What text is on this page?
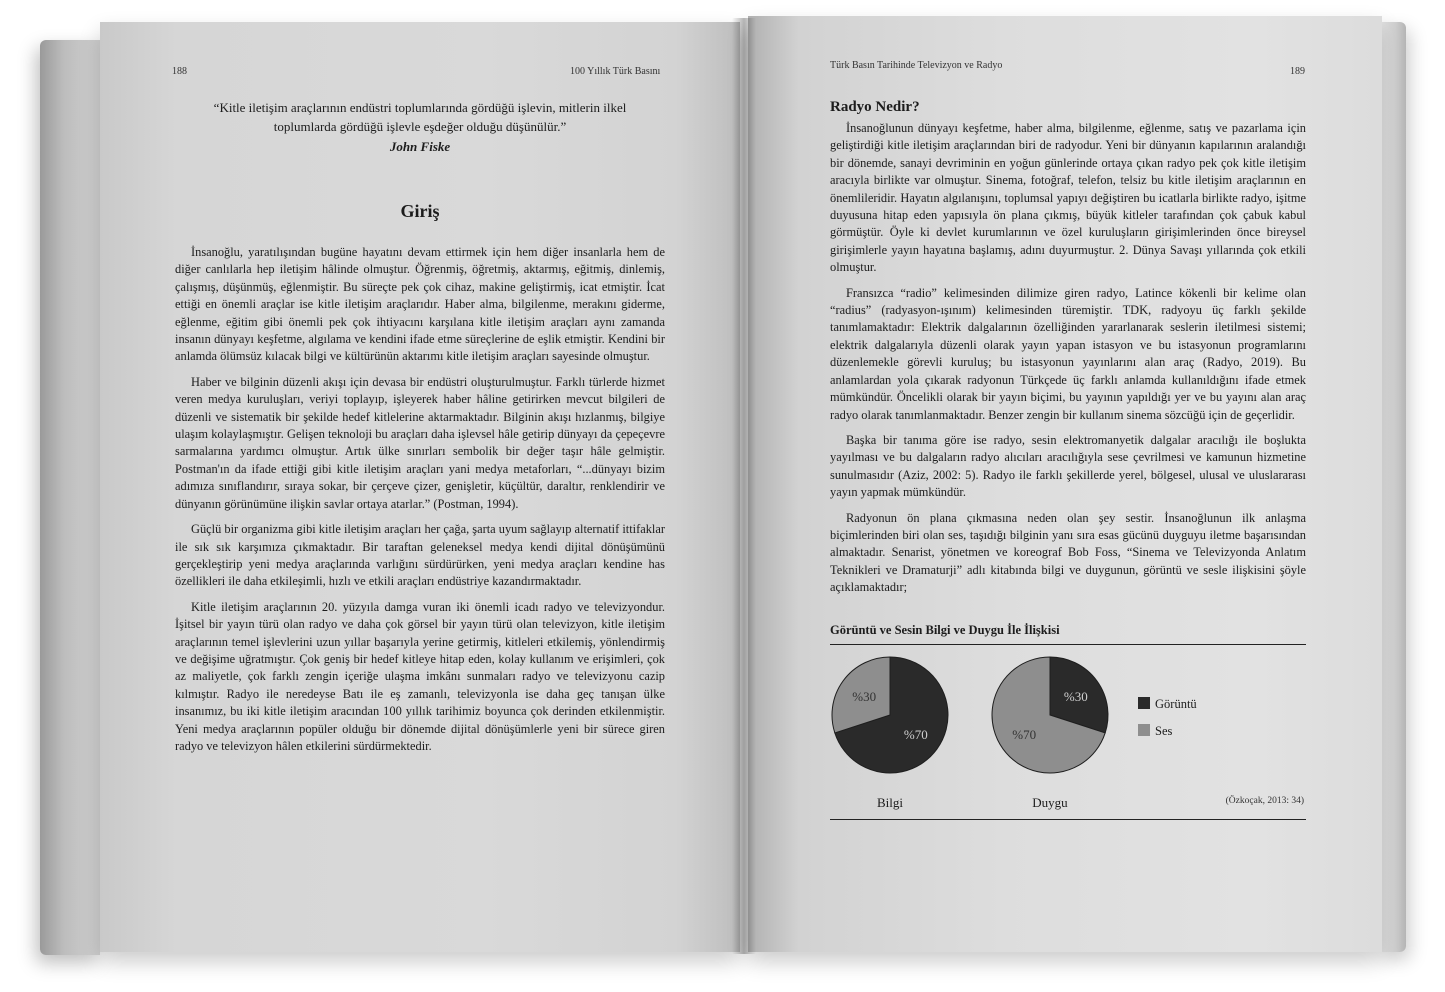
188	100 Yıllık Türk Basını

“Kitle iletişim araçlarının endüstri toplumlarında gördüğü işlevin, mitlerin ilkel toplumlarda gördüğü işlevle eşdeğer olduğu düşünülür.”

John Fiske
Giriş

İnsanoğlu, yaratılışından bugüne hayatını devam ettirmek için hem diğer insanlarla hem de diğer canlılarla hep iletişim hâlinde olmuştur. Öğrenmiş, öğretmiş, aktarmış, eğitmiş, dinlemiş, çalışmış, düşünmüş, eğlenmiştir. Bu süreçte pek çok cihaz, makine geliştirmiş, icat etmiştir. İcat ettiği en önemli araçlar ise kitle iletişim araçlarıdır. Haber alma, bilgilenme, merakını giderme, eğlenme, eğitim gibi önemli pek çok ihtiyacını karşılana kitle iletişim araçları aynı zamanda insanın dünyayı keşfetme, algılama ve kendini ifade etme süreçlerine de eşlik etmiştir. Kendini bir anlamda ölümsüz kılacak bilgi ve kültürünün aktarımı kitle iletişim araçları sayesinde olmuştur.

Haber ve bilginin düzenli akışı için devasa bir endüstri oluşturulmuştur. Farklı türlerde hizmet veren medya kuruluşları, veriyi toplayıp, işleyerek haber hâline getirirken mevcut bilgileri de düzenli ve sistematik bir şekilde hedef kitlelerine aktarmaktadır. Bilginin akışı hızlanmış, bilgiye ulaşım kolaylaşmıştır. Gelişen teknoloji bu araçları daha işlevsel hâle getirip dünyayı da çepeçevre sarmalarına yardımcı olmuştur. Artık ülke sınırları sembolik bir değer taşır hâle gelmiştir. Postman'ın da ifade ettiği gibi kitle iletişim araçları yani medya metaforları, “...dünyayı bizim adımıza sınıflandırır, sıraya sokar, bir çerçeve çizer, genişletir, küçültür, daraltır, renklendirir ve dünyanın görünümüne ilişkin savlar ortaya atarlar.” (Postman, 1994).

Güçlü bir organizma gibi kitle iletişim araçları her çağa, şarta uyum sağlayıp alternatif ittifaklar ile sık sık karşımıza çıkmaktadır. Bir taraftan geleneksel medya kendi dijital dönüşümünü gerçekleştirip yeni medya araçlarında varlığını sürdürürken, yeni medya araçları kendine has özellikleri ile daha etkileşimli, hızlı ve etkili araçları endüstriye kazandırmaktadır.

Kitle iletişim araçlarının 20. yüzyıla damga vuran iki önemli icadı radyo ve televizyondur. İşitsel bir yayın türü olan radyo ve daha çok görsel bir yayın türü olan televizyon, kitle iletişim araçlarının temel işlevlerini uzun yıllar başarıyla yerine getirmiş, kitleleri etkilemiş, yönlendirmiş ve değişime uğratmıştır. Çok geniş bir hedef kitleye hitap eden, kolay kullanım ve erişimleri, çok az maliyetle, çok farklı zengin içeriğe ulaşma imkânı sunmaları radyo ve televizyonu cazip kılmıştır. Radyo ile neredeyse Batı ile eş zamanlı, televizyonla ise daha geç tanışan ülke insanımız, bu iki kitle iletişim aracından 100 yıllık tarihimiz boyunca çok derinden etkilenmiştir. Yeni medya araçlarının popüler olduğu bir dönemde dijital dönüşümlerle yeni bir sürece giren radyo ve televizyon hâlen etkilerini sürdürmektedir.

Türk Basın Tarihinde Televizyon ve Radyo
189
Radyo Nedir?

İnsanoğlunun dünyayı keşfetme, haber alma, bilgilenme, eğlenme, satış ve pazarlama için geliştirdiği kitle iletişim araçlarından biri de radyodur. Yeni bir dünyanın kapılarının aralandığı bir dönemde, sanayi devriminin en yoğun günlerinde ortaya çıkan radyo pek çok kitle iletişim aracıyla birlikte var olmuştur. Sinema, fotoğraf, telefon, telsiz bu kitle iletişim araçlarının en önemlileridir. Hayatın algılanışını, toplumsal yapıyı değiştiren bu icatlarla birlikte radyo, işitme duyusuna hitap eden yapısıyla ön plana çıkmış, büyük kitleler tarafından çok çabuk kabul görmüştür. Öyle ki devlet kurumlarının ve özel kuruluşların girişimlerinden önce bireysel girişimlerle yayın hayatına başlamış, adını duyurmuştur. 2. Dünya Savaşı yıllarında çok etkili olmuştur.

Fransızca “radio” kelimesinden dilimize giren radyo, Latince kökenli bir kelime olan “radius” (radyasyon-ışınım) kelimesinden türemiştir. TDK, radyoyu üç farklı şekilde tanımlamaktadır: Elektrik dalgalarının özelliğinden yararlanarak seslerin iletilmesi sistemi; elektrik dalgalarıyla düzenli olarak yayın yapan istasyon ve bu istasyonun programlarını düzenlemekle görevli kuruluş; bu istasyonun yayınlarını alan araç (Radyo, 2019). Bu anlamlardan yola çıkarak radyonun Türkçede üç farklı anlamda kullanıldığını ifade etmek mümkündür. Öncelikli olarak bir yayın biçimi, bu yayının yapıldığı yer ve bu yayını alan araç radyo olarak tanımlanmaktadır. Benzer zengin bir kullanım sinema sözcüğü için de geçerlidir.

Başka bir tanıma göre ise radyo, sesin elektromanyetik dalgalar aracılığı ile boşlukta yayılması ve bu dalgaların radyo alıcıları aracılığıyla sese çevrilmesi ve kamunun hizmetine sunulmasıdır (Aziz, 2002: 5). Radyo ile farklı şekillerde yerel, bölgesel, ulusal ve uluslararası yayın yapmak mümkündür.

Radyonun ön plana çıkmasına neden olan şey sestir. İnsanoğlunun ilk anlaşma biçimlerinden biri olan ses, taşıdığı bilginin yanı sıra esas gücünü duyguyu iletme başarısından almaktadır. Senarist, yönetmen ve koreograf Bob Foss, “Sinema ve Televizyonda Anlatım Teknikleri ve Dramaturji” adlı kitabında bilgi ve duygunun, görüntü ve sesle ilişkisini şöyle açıklamaktadır;

Görüntü ve Sesin Bilgi ve Duygu İle İlişkisi
%70
%30
Bilgi
%30
%70
Duygu
Görüntü
Ses
(Özkoçak, 2013: 34)
